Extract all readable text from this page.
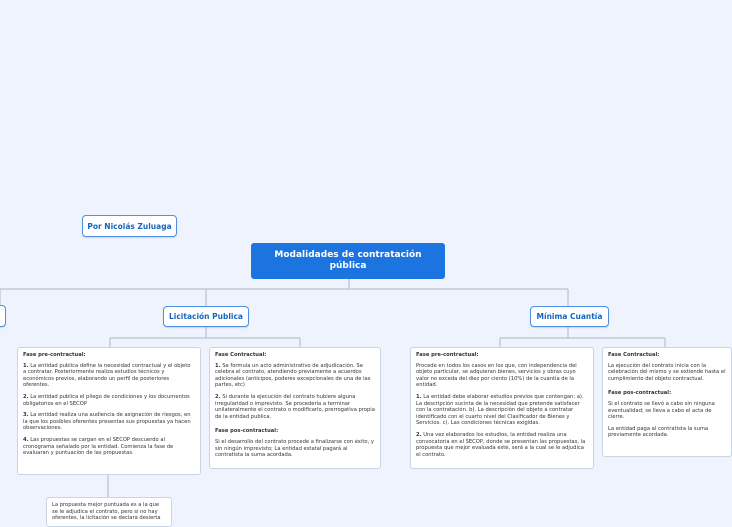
Por Nicolás Zuluaga
Modalidades de contratación pública
Licitación Publica	Mínima Cuantía
Fase pre-contractual:

1. La entidad publica define la necesidad contractual y el objeto a contratar. Posteriormente realiza estudios técnicos y económicos previos, elaborando un perfil de posteriores oferentes.

2. La entidad publica el pliego de condiciones y los documentos obligatorios en el SECOP

3. La entidad realiza una audiencia de asignación de riesgos, en la que los posibles oferentes presentas sus propuestas ya hacen observaciones.

4. Las propuestas se cargan en el SECOP descuerdo al cronograma señalado por la entidad. Comienza la fase de evaluaran y puntuación de las propuestas.

Fase Contractual:

1. Se formula un acto administrativo de adjudicación. Se celebra el contrato, atendiendo previamente a acuerdos adicionales (anticipos, poderes excepcionales de una de las partes, etc)

2. Si durante la ejecución del contrato hubiere alguna irregularidad o imprevisto. Se procedería a terminar unilateralmente el contrato o modificarlo, prerrogativa propia de la entidad publica.

Fase pos-contractual:

Si el desarrollo del contrato procede a finalizarse con éxito, y sin ningún imprevisto; La entidad estatal pagará al contratista la suma acordada.

La propuesta mejor puntuada es a la que se le adjudica el contrato, pero si no hay oferentes, la licitación se declara desierta
Fase pre-contractual:

Procede en todos los casos en los que, con independencia del objeto particular, se adquieran bienes, servicios y obras cuyo valor no exceda del diez por ciento (10%) de la cuantía de la entidad.

1. La entidad debe elaborar estudios previos que contengan: a). La descripción sucinta de la necesidad que pretende satisfacer con la contratación. b). La descripción del objeto a contratar identificado con el cuarto nivel del Clasificador de Bienes y Servicios. c). Las condiciones técnicas exigidas.

2. Una vez elaborados los estudios, la entidad realiza una convocatoria en el SECOP, donde se presentan las propuestas, la propuesta que mejor evaluada esté, será a la cual se le adjudica el contrato.

Fase Contractual:

La ejecución del contrato inicia con la celebración del mismo y se extiende hasta el cumplimiento del objeto contractual.

Fase pos-contractual:

Si el contrato se llevó a cabo sin ninguna eventualidad; se lleva a cabo el acta de cierre.

La entidad paga al contratista la suma previamente acordada.
